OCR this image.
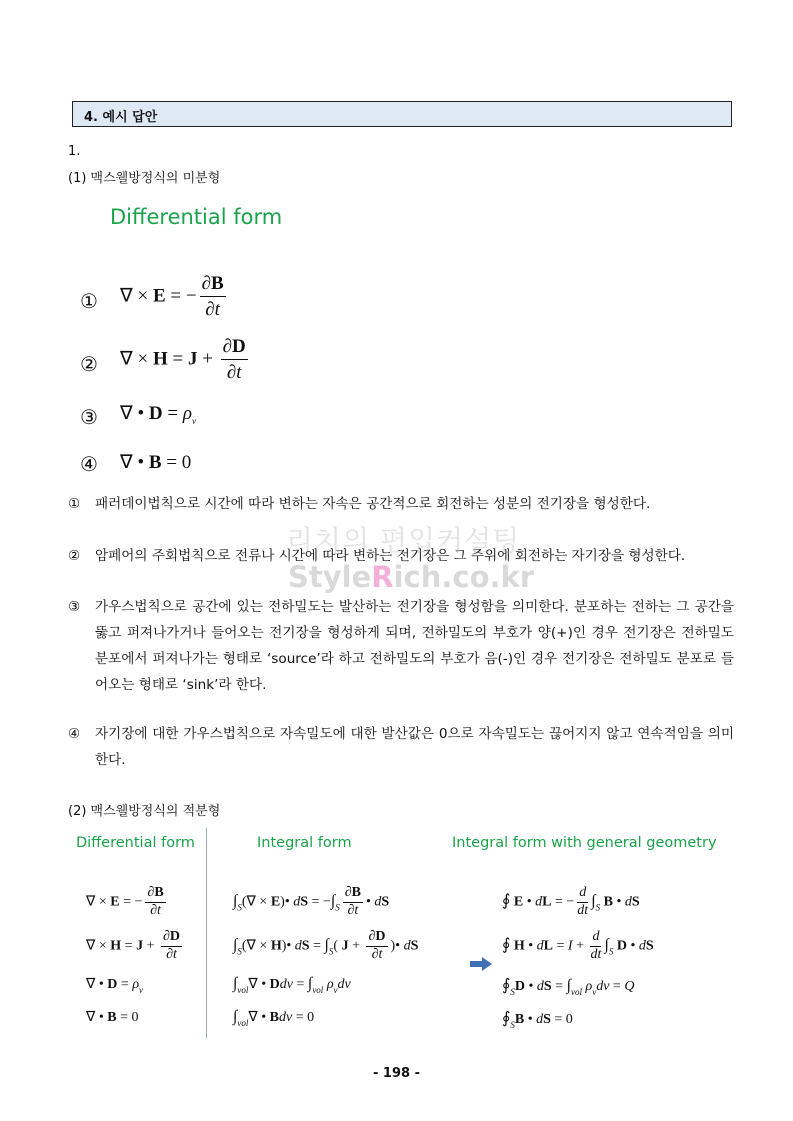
4. 예시 답안
1.
(1) 맥스웰방정식의 미분형
Differential form
① ∇ × E = − $\frac{\partial B}{\partial t}$
② ∇ × $H = J + \frac{\partial D}{\partial t}$
③ ∇ • $D = \rho_v$
④ ∇ • B = 0
① 패러데이법칙으로 시간에 따라 변하는 자속은 공간적으로 회전하는 성분의 전기장을 형성한다.
② 암페어의 주회법칙으로 전류나 시간에 따라 변하는 전기장은 그 주위에 회전하는 자기장을 형성한다.
③ 가우스법칙으로 공간에 있는 전하밀도는 발산하는 전기장을 형성함을 의미한다. 분포하는 전하는 그 공간을 뚫고 퍼져나가거나 들어오는 전기장을 형성하게 되며, 전하밀도의 부호가 양(+)인 경우 전기장은 전하밀도 분포에서 퍼져나가는 형태로 ‘source’라 하고 전하밀도의 부호가 음(-)인 경우 전기장은 전하밀도 분포로 들어오는 형태로 ‘sink’라 한다.
④ 자기장에 대한 가우스법칙으로 자속밀도에 대한 발산값은 0으로 자속밀도는 끊어지지 않고 연속적임을 의미한다.
리치의 편입커설팅
StyleRich.co.kr
(2) 맥스웰방정식의 적분형
Differential form	Integral form	Integral form with general geometry
∇ × E = − $\frac{\partial B}{\partial t}$
∇ × $H = J + \frac{\partial D}{\partial t}$
∇ • $D = \rho_v$
∇ • B = 0
$\int_S(\nabla$ × E)• dS = $-\int_S \frac{\partial B}{\partial t}$ • dS
$\int_S(\nabla$ × H)• dS = $\int_S$( $J + \frac{\partial D}{\partial t}$ )• dS
$\int_{vol}\nabla$ • Ddv = $\int_{vol}$ $\rho_vdv$
$\int_{vol}\nabla$ • Bdv = 0
∮ E • dL = − $\frac{d}{dt} \int_S$ B • dS
∮ H • dL = $I + \frac{d}{dt} \int_S$ D • dS
$∮_SD$ • dS = $\int_{vol}$ $\rho_vdv = Q$
$∮_SB$ • dS = 0
- 198 -
